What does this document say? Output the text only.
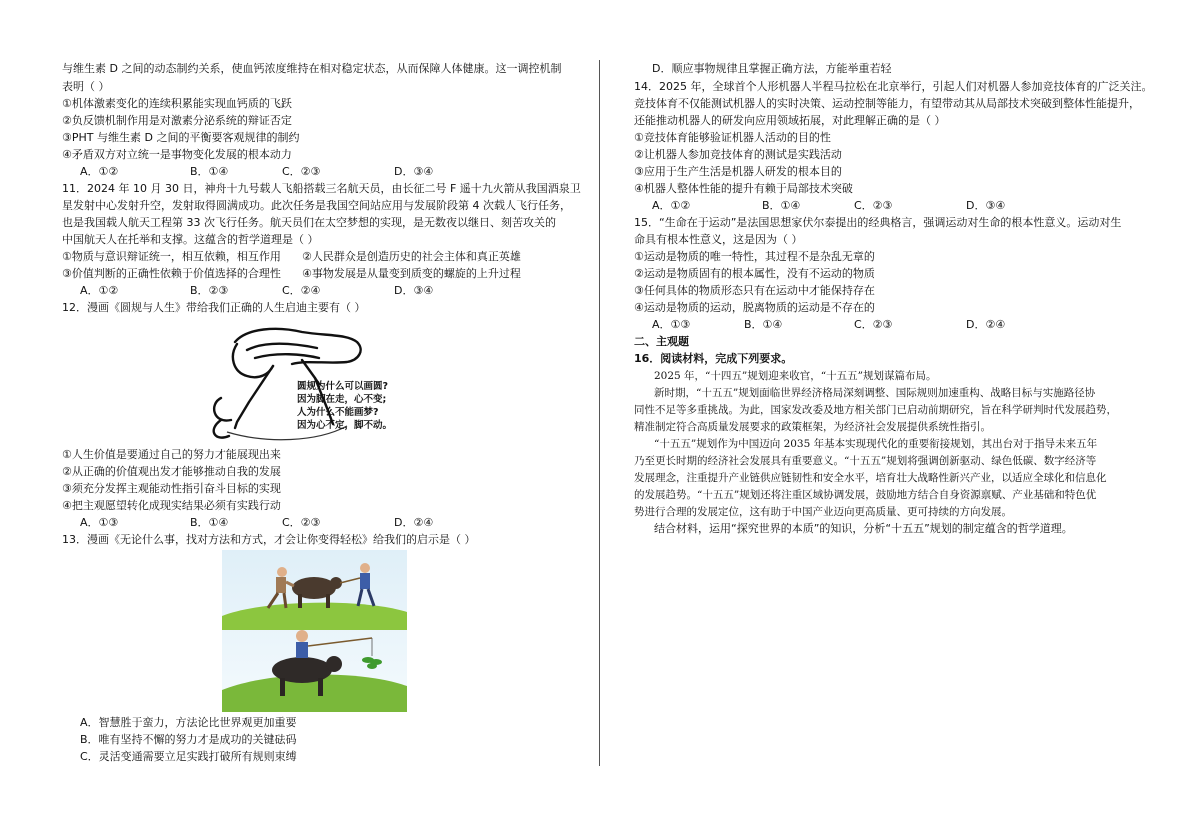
与维生素 D 之间的动态制约关系，使血钙浓度维持在相对稳定状态，从而保障人体健康。这一调控机制
表明（ ）
①机体激素变化的连续积累能实现血钙质的飞跃
②负反馈机制作用是对激素分泌系统的辩证否定
③PHT 与维生素 D 之间的平衡要客观规律的制约
④矛盾双方对立统一是事物变化发展的根本动力
A．①②	B．①④	C．②③	D．③④
11．2024 年 10 月 30 日，神舟十九号载人飞船搭载三名航天员，由长征二号 F 遥十九火箭从我国酒泉卫
星发射中心发射升空，发射取得圆满成功。此次任务是我国空间站应用与发展阶段第 4 次载人飞行任务，
也是我国载人航天工程第 33 次飞行任务。航天员们在太空梦想的实现，是无数夜以继日、刻苦攻关的
中国航天人在托举和支撑。这蕴含的哲学道理是（ ）
①物质与意识辩证统一，相互依赖，相互作用 ②人民群众是创造历史的社会主体和真正英雄
③价值判断的正确性依赖于价值选择的合理性 ④事物发展是从量变到质变的螺旋的上升过程
A．①②	B．②③	C．②④	D．③④
12．漫画《圆规与人生》带给我们正确的人生启迪主要有（ ）
圆规为什么可以画圆?
因为脚在走，心不变;
人为什么不能画梦?
因为心不定，脚不动。
①人生价值是要通过自己的努力才能展现出来
②从正确的价值观出发才能够推动自我的发展
③须充分发挥主观能动性指引奋斗目标的实现
④把主观愿望转化成现实结果必须有实践行动
A．①③	B．①④	C．②③	D．②④
13．漫画《无论什么事，找对方法和方式，才会让你变得轻松》给我们的启示是（ ）
A．智慧胜于蛮力，方法论比世界观更加重要
B．唯有坚持不懈的努力才是成功的关键砝码
C．灵活变通需要立足实践打破所有规则束缚
D．顺应事物规律且掌握正确方法，方能举重若轻
14．2025 年，全球首个人形机器人半程马拉松在北京举行，引起人们对机器人参加竞技体育的广泛关注。
竞技体育不仅能测试机器人的实时决策、运动控制等能力，有望带动其从局部技术突破到整体性能提升，
还能推动机器人的研发向应用领域拓展，对此理解正确的是（ ）
①竞技体育能够验证机器人活动的目的性
②让机器人参加竞技体育的测试是实践活动
③应用于生产生活是机器人研发的根本目的
④机器人整体性能的提升有赖于局部技术突破
A．①②	B．①④	C．②③	D．③④
15．“生命在于运动”是法国思想家伏尔泰提出的经典格言，强调运动对生命的根本性意义。运动对生
命具有根本性意义，这是因为（ ）
①运动是物质的唯一特性，其过程不是杂乱无章的
②运动是物质固有的根本属性，没有不运动的物质
③任何具体的物质形态只有在运动中才能保持存在
④运动是物质的运动，脱离物质的运动是不存在的
A．①③	B．①④	C．②③	D．②④
二、主观题
16．阅读材料，完成下列要求。
2025 年，“十四五”规划迎来收官，“十五五”规划谋篇布局。
新时期，“十五五”规划面临世界经济格局深刻调整、国际规则加速重构、战略目标与实施路径协
同性不足等多重挑战。为此，国家发改委及地方相关部门已启动前期研究，旨在科学研判时代发展趋势，
精准制定符合高质量发展要求的政策框架，为经济社会发展提供系统性指引。
“十五五”规划作为中国迈向 2035 年基本实现现代化的重要衔接规划，其出台对于指导未来五年
乃至更长时期的经济社会发展具有重要意义。“十五五”规划将强调创新驱动、绿色低碳、数字经济等
发展理念，注重提升产业链供应链韧性和安全水平，培育壮大战略性新兴产业，以适应全球化和信息化
的发展趋势。“十五五”规划还将注重区域协调发展，鼓励地方结合自身资源禀赋、产业基础和特色优
势进行合理的发展定位，这有助于中国产业迈向更高质量、更可持续的方向发展。
结合材料，运用“探究世界的本质”的知识，分析“十五五”规划的制定蕴含的哲学道理。
